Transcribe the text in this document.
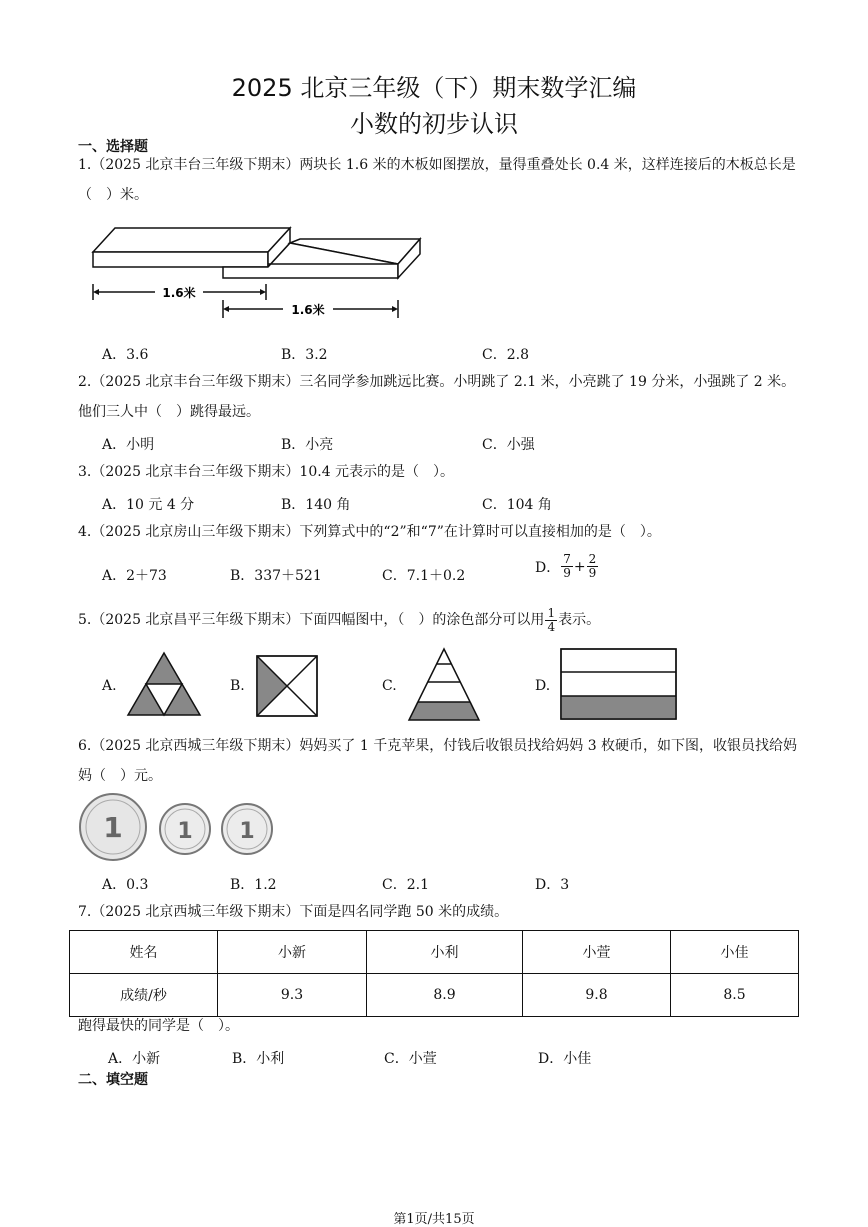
2025 北京三年级（下）期末数学汇编
小数的初步认识
一、选择题
1.（2025 北京丰台三年级下期末）两块长 1.6 米的木板如图摆放，量得重叠处长 0.4 米，这样连接后的木板总长是（　）米。
1.6米
1.6米
A．3.6	B．3.2	C．2.8
2.（2025 北京丰台三年级下期末）三名同学参加跳远比赛。小明跳了 2.1 米，小亮跳了 19 分米，小强跳了 2 米。他们三人中（　）跳得最远。
A．小明	B．小亮	C．小强
3.（2025 北京丰台三年级下期末）10.4 元表示的是（　）。
A．10 元 4 分	B．140 角	C．104 角
4.（2025 北京房山三年级下期末）下列算式中的“2”和“7”在计算时可以直接相加的是（　）。
A．2＋73	B．337＋521	C．7.1＋0.2
D． $\frac{7}{9} + \frac{2}{9}$
5.（2025 北京昌平三年级下期末）下面四幅图中，（　）的涂色部分可以用 $\frac{1}{4}$ 表示。
A.	B.	C.	D.
6.（2025 北京西城三年级下期末）妈妈买了 1 千克苹果，付钱后收银员找给妈妈 3 枚硬币，如下图，收银员找给妈妈（　）元。
1 1 1
A．0.3	B．1.2	C．2.1	D．3
7.（2025 北京西城三年级下期末）下面是四名同学跑 50 米的成绩。
姓名	小新	小利	小萱	小佳
成绩/秒	9.3	8.9	9.8	8.5
跑得最快的同学是（　）。
A．小新	B．小利	C．小萱	D．小佳
二、填空题
第1页/共15页
